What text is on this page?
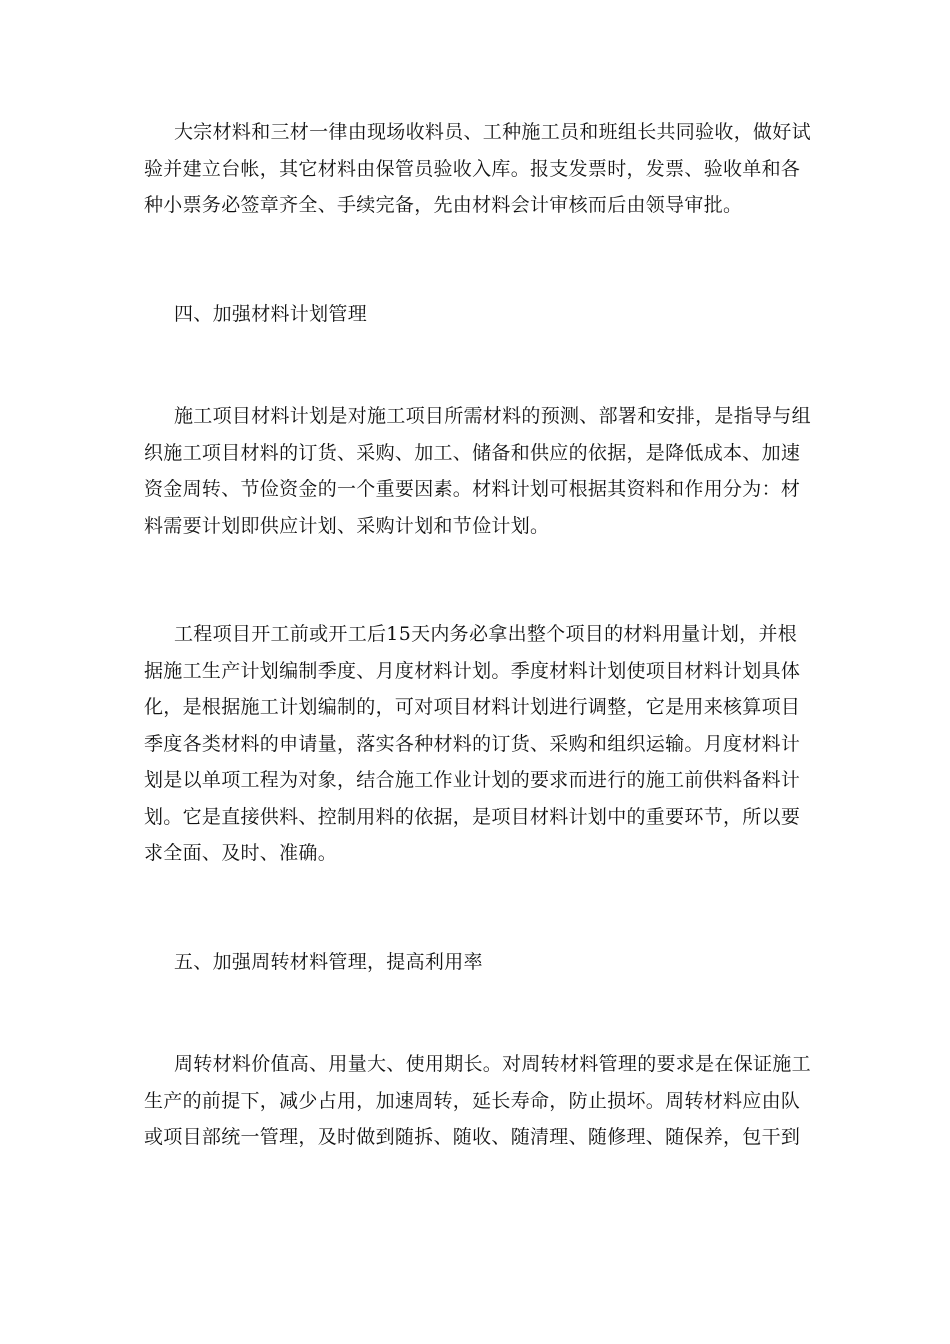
大宗材料和三材一律由现场收料员、工种施工员和班组长共同验收，做好试
验并建立台帐，其它材料由保管员验收入库。报支发票时，发票、验收单和各
种小票务必签章齐全、手续完备，先由材料会计审核而后由领导审批。
四、加强材料计划管理
施工项目材料计划是对施工项目所需材料的预测、部署和安排，是指导与组
织施工项目材料的订货、采购、加工、储备和供应的依据，是降低成本、加速
资金周转、节俭资金的一个重要因素。材料计划可根据其资料和作用分为：材
料需要计划即供应计划、采购计划和节俭计划。
工程项目开工前或开工后15天内务必拿出整个项目的材料用量计划，并根
据施工生产计划编制季度、月度材料计划。季度材料计划使项目材料计划具体
化，是根据施工计划编制的，可对项目材料计划进行调整，它是用来核算项目
季度各类材料的申请量，落实各种材料的订货、采购和组织运输。月度材料计
划是以单项工程为对象，结合施工作业计划的要求而进行的施工前供料备料计
划。它是直接供料、控制用料的依据，是项目材料计划中的重要环节，所以要
求全面、及时、准确。
五、加强周转材料管理，提高利用率
周转材料价值高、用量大、使用期长。对周转材料管理的要求是在保证施工
生产的前提下，减少占用，加速周转，延长寿命，防止损坏。周转材料应由队
或项目部统一管理，及时做到随拆、随收、随清理、随修理、随保养，包干到
